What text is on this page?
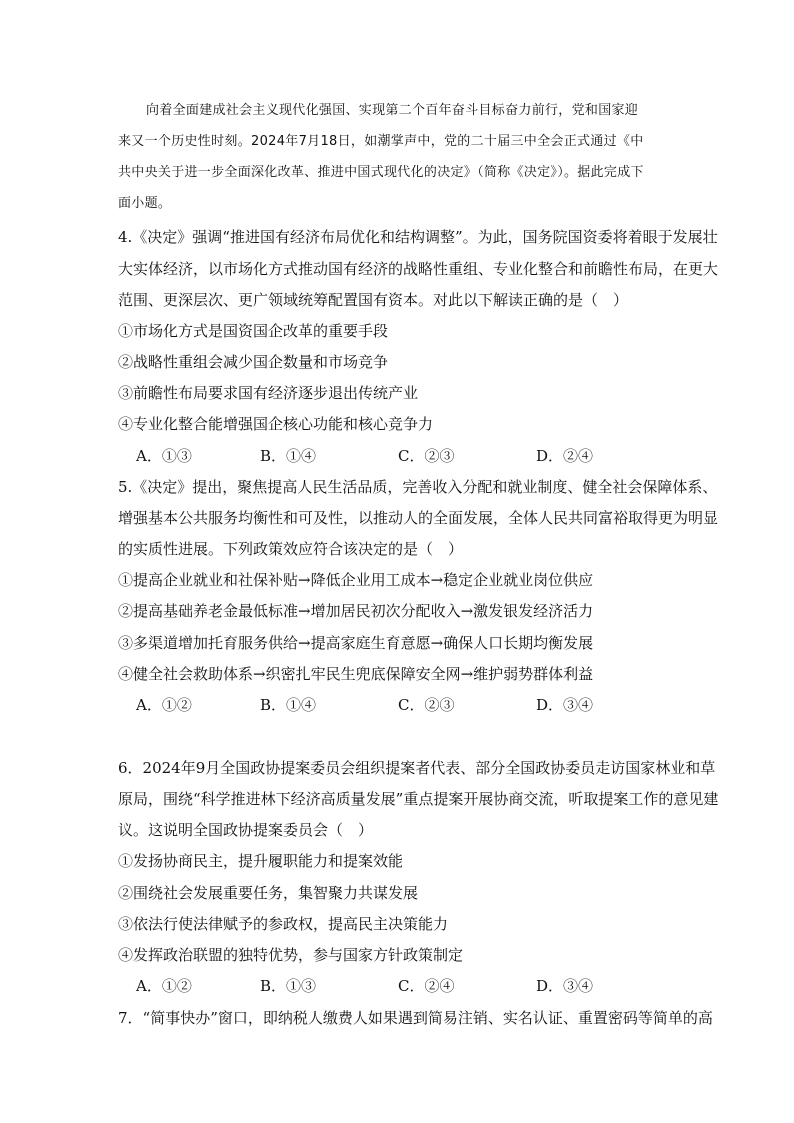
向着全面建成社会主义现代化强国、实现第二个百年奋斗目标奋力前行，党和国家迎
来又一个历史性时刻。2024年7月18日，如潮掌声中，党的二十届三中全会正式通过《中
共中央关于进一步全面深化改革、推进中国式现代化的决定》（简称《决定》）。据此完成下
面小题。
4.《决定》强调“推进国有经济布局优化和结构调整”。为此，国务院国资委将着眼于发展壮
大实体经济，以市场化方式推动国有经济的战略性重组、专业化整合和前瞻性布局，在更大
范围、更深层次、更广领域统筹配置国有资本。对此以下解读正确的是（　）
①市场化方式是国资国企改革的重要手段
②战略性重组会减少国企数量和市场竞争
③前瞻性布局要求国有经济逐步退出传统产业
④专业化整合能增强国企核心功能和核心竞争力
A．①③	B．①④	C．②③	D．②④
5.《决定》提出，聚焦提高人民生活品质，完善收入分配和就业制度、健全社会保障体系、
增强基本公共服务均衡性和可及性，以推动人的全面发展，全体人民共同富裕取得更为明显
的实质性进展。下列政策效应符合该决定的是（　）
①提高企业就业和社保补贴→降低企业用工成本→稳定企业就业岗位供应
②提高基础养老金最低标准→增加居民初次分配收入→激发银发经济活力
③多渠道增加托育服务供给→提高家庭生育意愿→确保人口长期均衡发展
④健全社会救助体系→织密扎牢民生兜底保障安全网→维护弱势群体利益
A．①②	B．①④	C．②③	D．③④
6．2024年9月全国政协提案委员会组织提案者代表、部分全国政协委员走访国家林业和草
原局，围绕“科学推进林下经济高质量发展”重点提案开展协商交流，听取提案工作的意见建
议。这说明全国政协提案委员会（　）
①发扬协商民主，提升履职能力和提案效能
②围绕社会发展重要任务，集智聚力共谋发展
③依法行使法律赋予的参政权，提高民主决策能力
④发挥政治联盟的独特优势，参与国家方针政策制定
A．①②	B．①③	C．②④	D．③④
7．“简事快办”窗口，即纳税人缴费人如果遇到简易注销、实名认证、重置密码等简单的高
